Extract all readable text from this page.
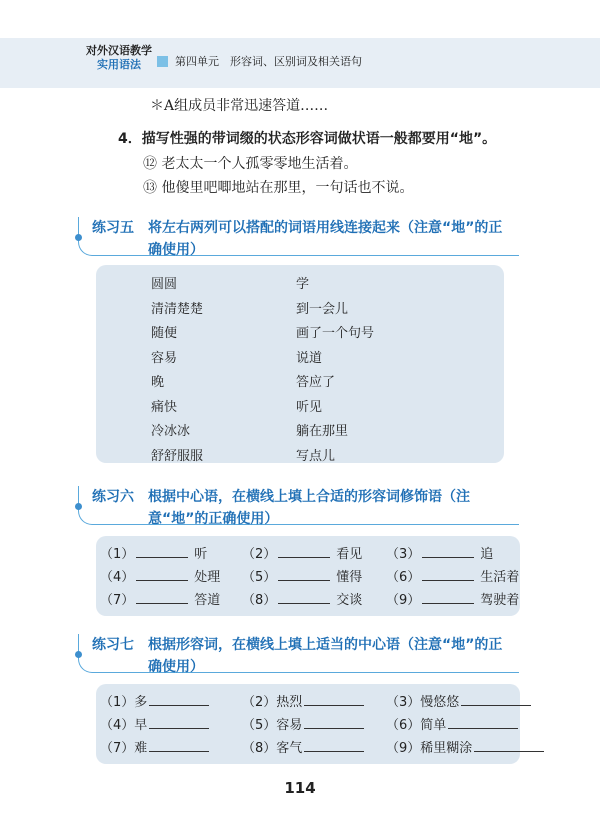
对外汉语教学
实用语法	第四单元　形容词、区别词及相关语句
＊A组成员非常迅速答道……
4．描写性强的带词缀的状态形容词做状语一般都要用“地”。
⑫ 老太太一个人孤零零地生活着。
⑬ 他傻里吧唧地站在那里，一句话也不说。
练习五 将左右两列可以搭配的词语用线连接起来（注意“地”的正确使用）
圆圆	学
清清楚楚	到一会儿
随便	画了一个句号
容易	说道
晚	答应了
痛快	听见
冷冰冰	躺在那里
舒舒服服	写点儿
练习六 根据中心语，在横线上填上合适的形容词修饰语（注意“地”的正确使用）
（1）	听	（2）	看见 （3）	追
（4）	处理 （5）	懂得 （6）	生活着
（7）	答道 （8）	交谈 （9）	驾驶着
练习七 根据形容词，在横线上填上适当的中心语（注意“地”的正确使用）
（1）多	（2）热烈	（3）慢悠悠
（4）早	（5）容易	（6）简单
（7）难	（8）客气	（9）稀里糊涂
114
